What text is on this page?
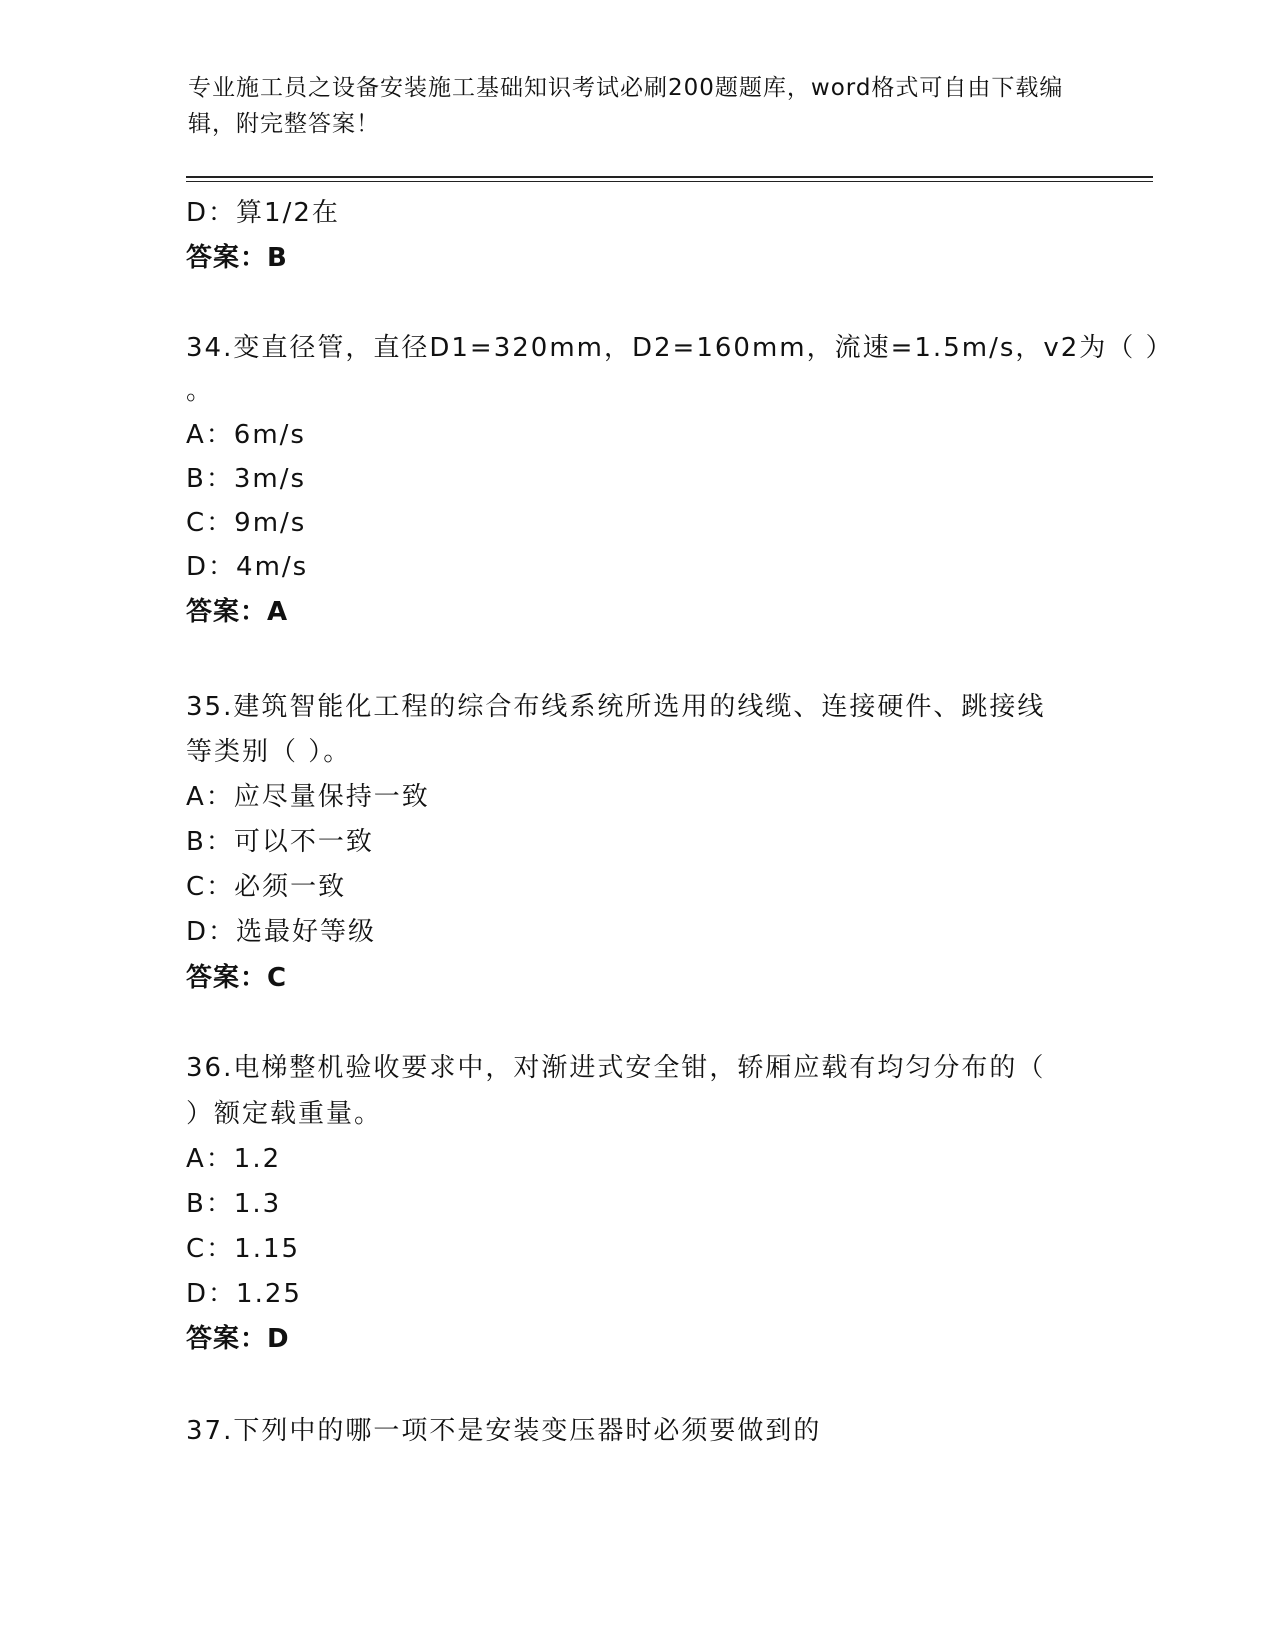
专业施工员之设备安装施工基础知识考试必刷200题题库，word格式可自由下载编辑，附完整答案！
D：算1/2在
答案：B
34.变直径管，直径D1=320mm，D2=160mm，流速=1.5m/s，v2为（ ）
。
A：6m/s
B：3m/s
C：9m/s
D：4m/s
答案：A
35.建筑智能化工程的综合布线系统所选用的线缆、连接硬件、跳接线
等类别（ ）。
A：应尽量保持一致
B：可以不一致
C：必须一致
D：选最好等级
答案：C
36.电梯整机验收要求中，对渐进式安全钳，轿厢应载有均匀分布的（
）额定载重量。
A：1.2
B：1.3
C：1.15
D：1.25
答案：D
37.下列中的哪一项不是安装变压器时必须要做到的
